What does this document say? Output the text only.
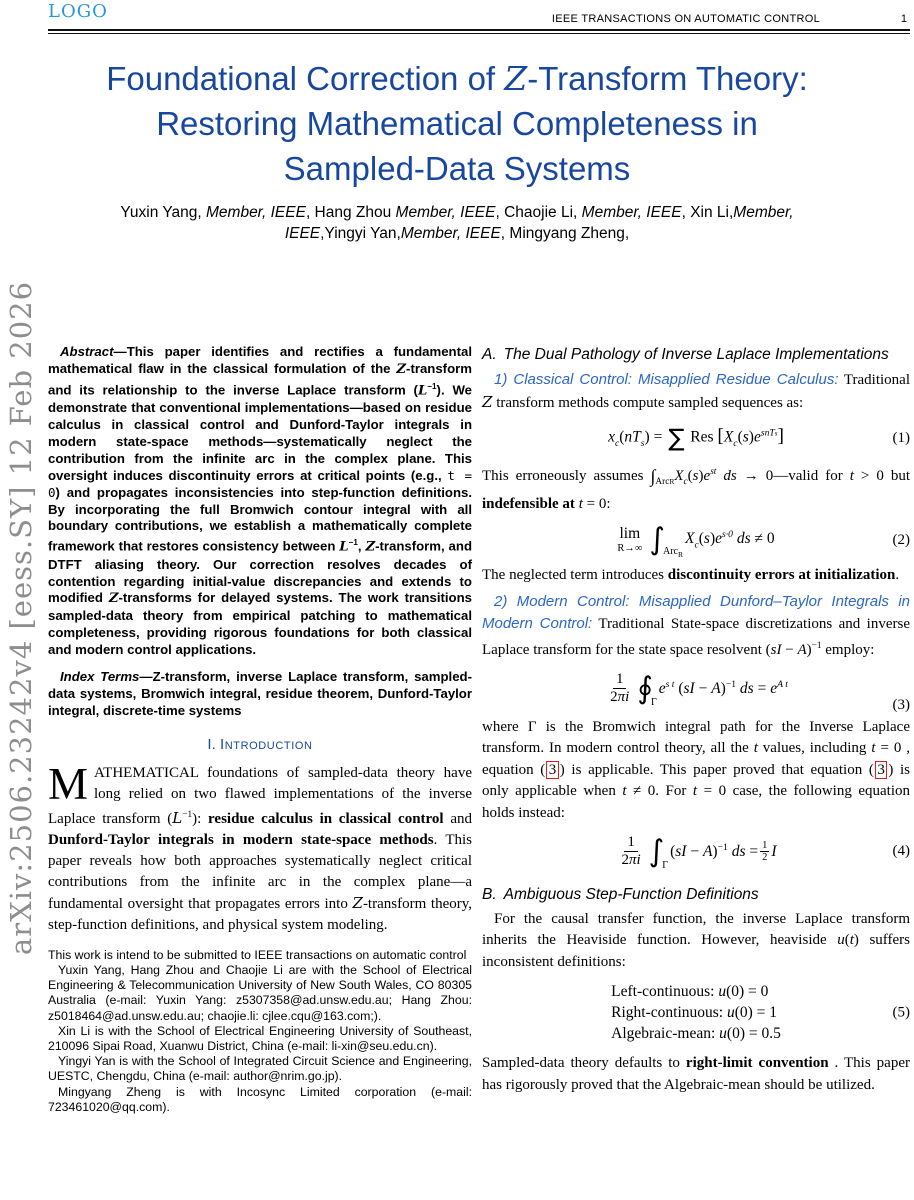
LOGO	IEEE TRANSACTIONS ON AUTOMATIC CONTROL	1
arXiv:2506.23242v4 [eess.SY] 12 Feb 2026
Foundational Correction of Z-Transform Theory:
Restoring Mathematical Completeness in
Sampled-Data Systems
Yuxin Yang, Member, IEEE, Hang Zhou Member, IEEE, Chaojie Li, Member, IEEE, Xin Li,Member,
IEEE,Yingyi Yan,Member, IEEE, Mingyang Zheng,

Abstract—This paper identifies and rectifies a fundamental mathematical flaw in the classical formulation of the Z-transform and its relationship to the inverse Laplace transform $(L^{-1})$. We demonstrate that conventional implementations—based on residue calculus in classical control and Dunford-Taylor integrals in modern state-space methods—systematically neglect the contribution from the infinite arc in the complex plane. This oversight induces discontinuity errors at critical points (e.g., t = 0) and propagates inconsistencies into step-function definitions. By incorporating the full Bromwich contour integral with all boundary contributions, we establish a mathematically complete framework that restores consistency between $L^{-1}$, Z-transform, and DTFT aliasing theory. Our correction resolves decades of contention regarding initial-value discrepancies and extends to modified Z-transforms for delayed systems. The work transitions sampled-data theory from empirical patching to mathematical completeness, providing rigorous foundations for both classical and modern control applications.

Index Terms—Z-transform, inverse Laplace transform, sampled-data systems, Bromwich integral, residue theorem, Dunford-Taylor integral, discrete-time systems

I. Introduction

M ATHEMATICAL foundations of sampled-data theory have long relied on two flawed implementations of the inverse Laplace transform $(L^{-1})$: residue calculus in classical control and Dunford-Taylor integrals in modern state-space methods. This paper reveals how both approaches systematically neglect critical contributions from the infinite arc in the complex plane—a fundamental oversight that propagates errors into Z-transform theory, step-function definitions, and physical system modeling.

This work is intend to be submitted to IEEE transactions on automatic control

Yuxin Yang, Hang Zhou and Chaojie Li are with the School of Electrical Engineering & Telecommunication University of New South Wales, CO 80305 Australia (e-mail: Yuxin Yang: z5307358@ad.unsw.edu.au; Hang Zhou: z5018464@ad.unsw.edu.au; chaojie.li: cjlee.cqu@163.com;).

Xin Li is with the School of Electrical Engineering University of Southeast, 210096 Sipai Road, Xuanwu District, China (e-mail: li-xin@seu.edu.cn).

Yingyi Yan is with the School of Integrated Circuit Science and Engineering, UESTC, Chengdu, China (e-mail: author@nrim.go.jp).

Mingyang Zheng is with Incosync Limited corporation (e-mail: 723461020@qq.com).

A. The Dual Pathology of Inverse Laplace Implementations

1) Classical Control: Misapplied Residue Calculus: Traditional Z transform methods compute sampled sequences as:

$x_c(nT_s)$ = ∑ Res $[X_c(s)e^{snTs}]$	(1)

This erroneously assumes $\int_{ArcR}X_c(s)e^{st}$ ds → 0—valid for t > 0 but indefensible at t = 0:

lim
R→∞ ∫
Arc$_R$
$X_c(s)e^{s\cdot 0}$ ds ≠ 0	(2)

The neglected term introduces discontinuity errors at initialization.

2) Modern Control: Misapplied Dunford–Taylor Integrals in Modern Control: Traditional State-space discretizations and inverse Laplace transform for the state space resolvent (sI − A)$^{-1}$ employ:

$\frac{1}{2\pi i}$ ∮
Γ
$e^{s t}$ (sI − A)$^{-1}$ ds = $e^{A t}$
(3)

where Γ is the Bromwich integral path for the Inverse Laplace transform. In modern control theory, all the t values, including t = 0 , equation ( 3 ) is applicable. This paper proved that equation ( 3 ) is only applicable when t ≠ 0. For t = 0 case, the following equation holds instead:

$\frac{1}{2\pi i}$ ∫
Γ
(sI − A)$^{-1}$ ds = $\frac{1}{2}$ I	(4)
B. Ambiguous Step-Function Definitions

For the causal transfer function, the inverse Laplace transform inherits the Heaviside function. However, heaviside u(t) suffers inconsistent definitions:

Left-continuous: u(0) = 0
Right-continuous: u(0) = 1
Algebraic-mean: u(0) = 0.5
(5)

Sampled-data theory defaults to right-limit convention . This paper has rigorously proved that the Algebraic-mean should be utilized.
